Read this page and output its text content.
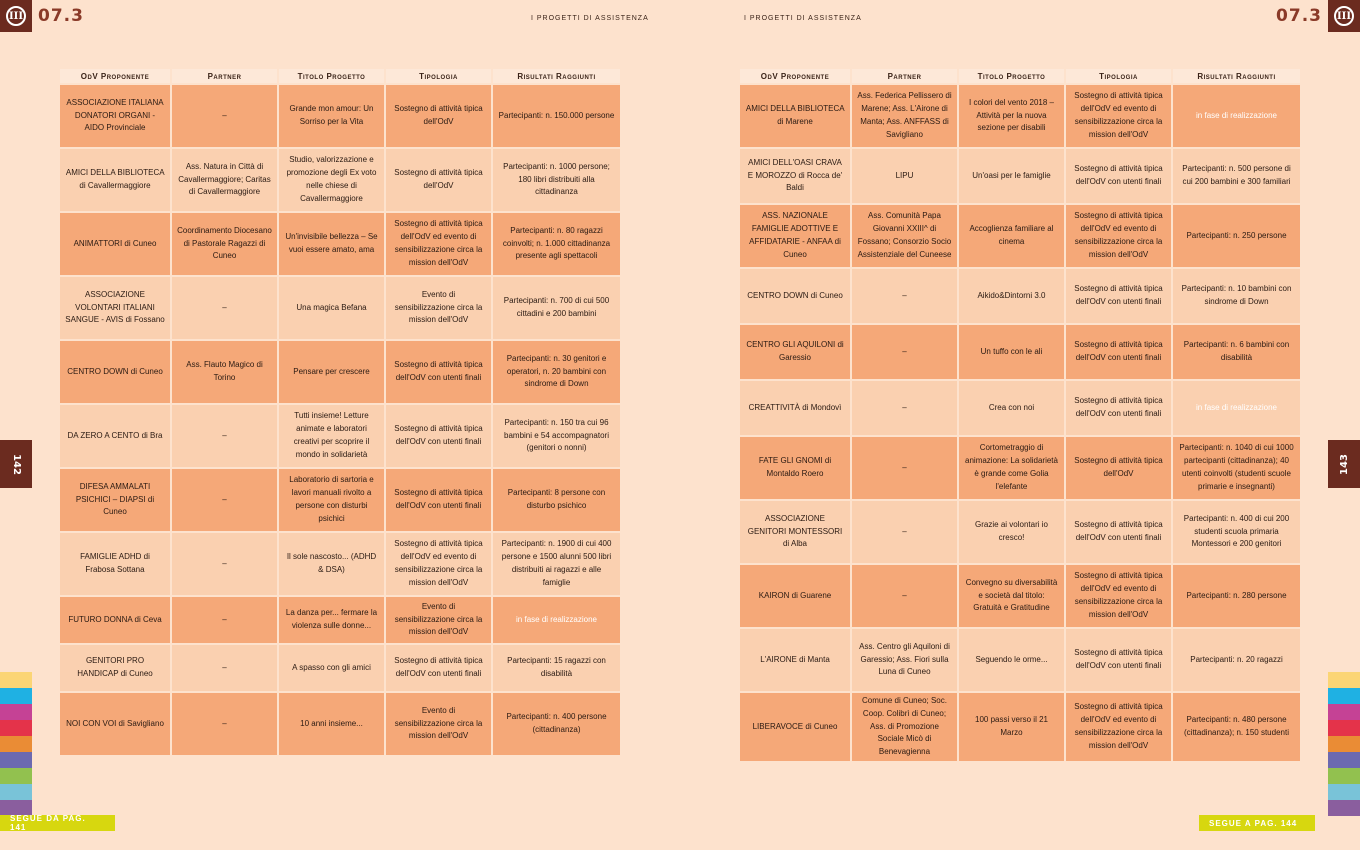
III 07.3	I PROGETTI DI ASSISTENZA
OdV Proponente	Partner	Titolo Progetto	Tipologia	Risultati Raggiunti
ASSOCIAZIONE ITALIANA DONATORI ORGANI - AIDO Provinciale	–	Grande mon amour: Un Sorriso per la Vita	Sostegno di attività tipica dell'OdV	Partecipanti: n. 150.000 persone
AMICI DELLA BIBLIOTECA di Cavallermaggiore	Ass. Natura in Città di Cavallermaggiore; Caritas di Cavallermaggiore	Studio, valorizzazione e promozione degli Ex voto nelle chiese di Cavallermaggiore	Sostegno di attività tipica dell'OdV	Partecipanti: n. 1000 persone; 180 libri distribuiti alla cittadinanza
ANIMATTORI di Cuneo	Coordinamento Diocesano di Pastorale Ragazzi di Cuneo	Un'invisibile bellezza – Se vuoi essere amato, ama	Sostegno di attività tipica dell'OdV ed evento di sensibilizzazione circa la mission dell'OdV	Partecipanti: n. 80 ragazzi coinvolti; n. 1.000 cittadinanza presente agli spettacoli
ASSOCIAZIONE VOLONTARI ITALIANI SANGUE - AVIS di Fossano	–	Una magica Befana	Evento di sensibilizzazione circa la mission dell'OdV	Partecipanti: n. 700 di cui 500 cittadini e 200 bambini
CENTRO DOWN di Cuneo	Ass. Flauto Magico di Torino	Pensare per crescere	Sostegno di attività tipica dell'OdV con utenti finali	Partecipanti: n. 30 genitori e operatori, n. 20 bambini con sindrome di Down
DA ZERO A CENTO di Bra	–	Tutti insieme! Letture animate e laboratori creativi per scoprire il mondo in solidarietà	Sostegno di attività tipica dell'OdV con utenti finali	Partecipanti: n. 150 tra cui 96 bambini e 54 accompagnatori (genitori o nonni)
DIFESA AMMALATI PSICHICI – DIAPSI di Cuneo	–	Laboratorio di sartoria e lavori manuali rivolto a persone con disturbi psichici	Sostegno di attività tipica dell'OdV con utenti finali	Partecipanti: 8 persone con disturbo psichico
FAMIGLIE ADHD di Frabosa Sottana	–	Il sole nascosto... (ADHD & DSA)	Sostegno di attività tipica dell'OdV ed evento di sensibilizzazione circa la mission dell'OdV	Partecipanti: n. 1900 di cui 400 persone e 1500 alunni 500 libri distribuiti ai ragazzi e alle famiglie
FUTURO DONNA di Ceva	–	La danza per... fermare la violenza sulle donne...	Evento di sensibilizzazione circa la mission dell'OdV	in fase di realizzazione
GENITORI PRO HANDICAP di Cuneo	–	A spasso con gli amici	Sostegno di attività tipica dell'OdV con utenti finali	Partecipanti: 15 ragazzi con disabilità
NOI CON VOI di Savigliano	–	10 anni insieme...	Evento di sensibilizzazione circa la mission dell'OdV	Partecipanti: n. 400 persone (cittadinanza)
142
SEGUE DA PAG. 141
III
07.3
I PROGETTI DI ASSISTENZA
OdV Proponente	Partner	Titolo Progetto	Tipologia	Risultati Raggiunti
AMICI DELLA BIBLIOTECA di Marene	Ass. Federica Pellissero di Marene; Ass. L'Airone di Manta; Ass. ANFFASS di Savigliano	I colori del vento 2018 – Attività per la nuova sezione per disabili	Sostegno di attività tipica dell'OdV ed evento di sensibilizzazione circa la mission dell'OdV	in fase di realizzazione
AMICI DELL'OASI CRAVA E MOROZZO di Rocca de' Baldi	LIPU	Un'oasi per le famiglie	Sostegno di attività tipica dell'OdV con utenti finali	Partecipanti: n. 500 persone di cui 200 bambini e 300 familiari
ASS. NAZIONALE FAMIGLIE ADOTTIVE E AFFIDATARIE - ANFAA di Cuneo	Ass. Comunità Papa Giovanni XXIII^ di Fossano; Consorzio Socio Assistenziale del Cuneese	Accoglienza familiare al cinema	Sostegno di attività tipica dell'OdV ed evento di sensibilizzazione circa la mission dell'OdV	Partecipanti: n. 250 persone
CENTRO DOWN di Cuneo	–	Aikido&Dintorni 3.0	Sostegno di attività tipica dell'OdV con utenti finali	Partecipanti: n. 10 bambini con sindrome di Down
CENTRO GLI AQUILONI di Garessio	–	Un tuffo con le ali	Sostegno di attività tipica dell'OdV con utenti finali	Partecipanti: n. 6 bambini con disabilità
CREATTIVITÀ di Mondovì	–	Crea con noi	Sostegno di attività tipica dell'OdV con utenti finali	in fase di realizzazione
FATE GLI GNOMI di Montaldo Roero	–	Cortometraggio di animazione: La solidarietà è grande come Golia l'elefante	Sostegno di attività tipica dell'OdV	Partecipanti: n. 1040 di cui 1000 partecipanti (cittadinanza); 40 utenti coinvolti (studenti scuole primarie e insegnanti)
ASSOCIAZIONE GENITORI MONTESSORI di Alba	–	Grazie ai volontari io cresco!	Sostegno di attività tipica dell'OdV con utenti finali	Partecipanti: n. 400 di cui 200 studenti scuola primaria Montessori e 200 genitori
KAIRON di Guarene	–	Convegno su diversabilità e società dal titolo: Gratuità e Gratitudine	Sostegno di attività tipica dell'OdV ed evento di sensibilizzazione circa la mission dell'OdV	Partecipanti: n. 280 persone
L'AIRONE di Manta	Ass. Centro gli Aquiloni di Garessio; Ass. Fiori sulla Luna di Cuneo	Seguendo le orme...	Sostegno di attività tipica dell'OdV con utenti finali	Partecipanti: n. 20 ragazzi
LIBERAVOCE di Cuneo	Comune di Cuneo; Soc. Coop. Colibrì di Cuneo; Ass. di Promozione Sociale Micò di Benevagienna	100 passi verso il 21 Marzo	Sostegno di attività tipica dell'OdV ed evento di sensibilizzazione circa la mission dell'OdV	Partecipanti: n. 480 persone (cittadinanza); n. 150 studenti
143
SEGUE A PAG. 144
